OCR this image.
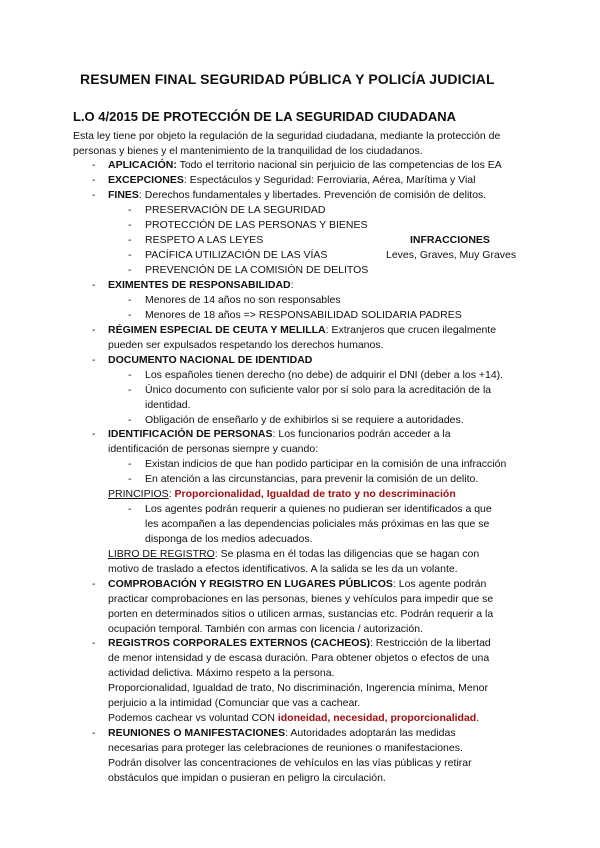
RESUMEN FINAL SEGURIDAD PÚBLICA Y POLICÍA JUDICIAL
L.O 4/2015 DE PROTECCIÓN DE LA SEGURIDAD CIUDADANA
Esta ley tiene por objeto la regulación de la seguridad ciudadana, mediante la protección de
personas y bienes y el mantenimiento de la tranquilidad de los ciudadanos.
- APLICACIÓN: Todo el territorio nacional sin perjuicio de las competencias de los EA
- EXCEPCIONES: Espectáculos y Seguridad: Ferroviaria, Aérea, Marítima y Vial
- FINES: Derechos fundamentales y libertades. Prevención de comisión de delitos.
- PRESERVACIÓN DE LA SEGURIDAD
- PROTECCIÓN DE LAS PERSONAS Y BIENES
- RESPETO A LAS LEYES	INFRACCIONES
- PACÍFICA UTILIZACIÓN DE LAS VÍAS	Leves, Graves, Muy Graves
- PREVENCIÓN DE LA COMISIÓN DE DELITOS
- EXIMENTES DE RESPONSABILIDAD:
- Menores de 14 años no son responsables
- Menores de 18 años => RESPONSABILIDAD SOLIDARIA PADRES
- RÉGIMEN ESPECIAL DE CEUTA Y MELILLA: Extranjeros que crucen ilegalmente
pueden ser expulsados respetando los derechos humanos.
- DOCUMENTO NACIONAL DE IDENTIDAD
- Los españoles tienen derecho (no debe) de adquirir el DNI (deber a los +14).
- Único documento con suficiente valor por sí solo para la acreditación de la
identidad.
- Obligación de enseñarlo y de exhibirlos si se requiere a autoridades.
- IDENTIFICACIÓN DE PERSONAS: Los funcionarios podrán acceder a la
identificación de personas siempre y cuando:
- Existan indicios de que han podido participar en la comisión de una infracción
- En atención a las circunstancias, para prevenir la comisión de un delito.
PRINCIPIOS: Proporcionalidad, Igualdad de trato y no descriminación
- Los agentes podrán requerir a quienes no pudieran ser identificados a que
les acompañen a las dependencias policiales más próximas en las que se
disponga de los medios adecuados.
LIBRO DE REGISTRO: Se plasma en él todas las diligencias que se hagan con
motivo de traslado a efectos identificativos. A la salida se les da un volante.
- COMPROBACIÓN Y REGISTRO EN LUGARES PÚBLICOS: Los agente podrán
practicar comprobaciones en las personas, bienes y vehículos para impedir que se
porten en determinados sitios o utilicen armas, sustancias etc. Podrán requerir a la
ocupación temporal. También con armas con licencia / autorización.
- REGISTROS CORPORALES EXTERNOS (CACHEOS): Restricción de la libertad
de menor intensidad y de escasa duración. Para obtener objetos o efectos de una
actividad delictiva. Máximo respeto a la persona.
Proporcionalidad, Igualdad de trato, No discriminación, Ingerencia mínima, Menor
perjuicio a la intimidad (Comunciar que vas a cachear.
Podemos cachear vs voluntad CON idoneidad, necesidad, proporcionalidad.
- REUNIONES O MANIFESTACIONES: Autoridades adoptarán las medidas
necesarias para proteger las celebraciones de reuniones o manifestaciones.
Podrán disolver las concentraciones de vehículos en las vías públicas y retirar
obstáculos que impidan o pusieran en peligro la circulación.
